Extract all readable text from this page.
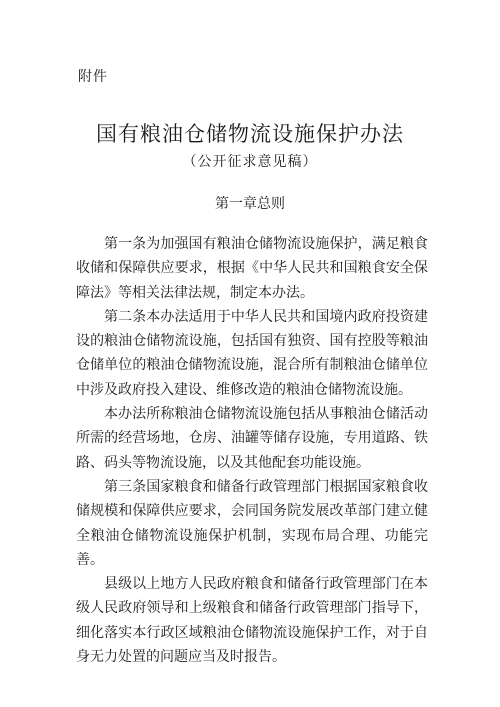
附件
国有粮油仓储物流设施保护办法
（公开征求意见稿）
第一章总则

第一条为加强国有粮油仓储物流设施保护，满足粮食收储和保障供应要求，根据《中华人民共和国粮食安全保障法》等相关法律法规，制定本办法。

第二条本办法适用于中华人民共和国境内政府投资建设的粮油仓储物流设施，包括国有独资、国有控股等粮油仓储单位的粮油仓储物流设施，混合所有制粮油仓储单位中涉及政府投入建设、维修改造的粮油仓储物流设施。

本办法所称粮油仓储物流设施包括从事粮油仓储活动所需的经营场地，仓房、油罐等储存设施，专用道路、铁路、码头等物流设施，以及其他配套功能设施。

第三条国家粮食和储备行政管理部门根据国家粮食收储规模和保障供应要求，会同国务院发展改革部门建立健全粮油仓储物流设施保护机制，实现布局合理、功能完善。

县级以上地方人民政府粮食和储备行政管理部门在本级人民政府领导和上级粮食和储备行政管理部门指导下，细化落实本行政区域粮油仓储物流设施保护工作，对于自身无力处置的问题应当及时报告。
